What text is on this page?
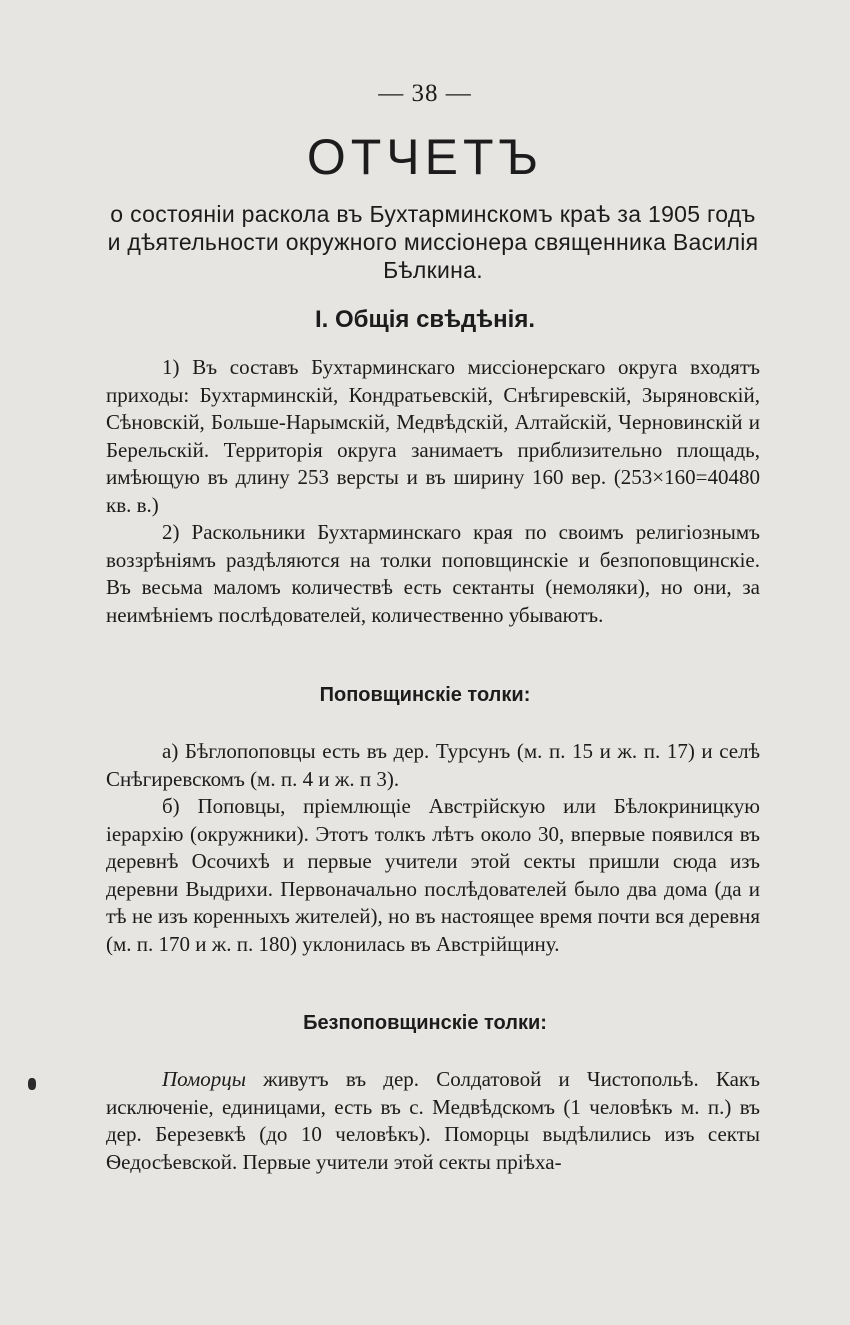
— 38 —
ОТЧЕТЪ
о состоянiи раскола въ Бухтарминскомъ краѣ за 1905 годъ и дѣятельности окружного миссiонера священника Василiя Бѣлкина.
I. Общiя свѣдѣнiя.

1) Въ составъ Бухтарминскаго миссiонерскаго округа входятъ приходы: Бухтарминскiй, Кондратьевскiй, Снѣгиревскiй, Зыряновскiй, Сѣновскiй, Больше-Нарымскiй, Медвѣдскiй, Алтайскiй, Черновинскiй и Берельскiй. Территорiя округа занимаетъ приблизительно площадь, имѣющую въ длину 253 версты и въ ширину 160 вер. (253×160=40480 кв. в.)

2) Раскольники Бухтарминскаго края по своимъ религiознымъ воззрѣнiямъ раздѣляются на толки поповщинскiе и безпоповщинскiе. Въ весьма маломъ количествѣ есть сектанты (немоляки), но они, за неимѣнiемъ послѣдователей, количественно убываютъ.

Поповщинскiе толки:

а) Бѣглопоповцы есть въ дер. Турсунъ (м. п. 15 и ж. п. 17) и селѣ Снѣгиревскомъ (м. п. 4 и ж. п 3).

б) Поповцы, прiемлющiе Австрiйскую или Бѣлокриницкую iерархiю (окружники). Этотъ толкъ лѣтъ около 30, впервые появился въ деревнѣ Осочихѣ и первые учители этой секты пришли сюда изъ деревни Выдрихи. Первоначально послѣдователей было два дома (да и тѣ не изъ коренныхъ жителей), но въ настоящее время почти вся деревня (м. п. 170 и ж. п. 180) уклонилась въ Австрiйщину.

Безпоповщинскiе толки:

Поморцы живутъ въ дер. Солдатовой и Чистопольѣ. Какъ исключенiе, единицами, есть въ с. Медвѣдскомъ (1 человѣкъ м. п.) въ дер. Березевкѣ (до 10 человѣкъ). Поморцы выдѣлились изъ секты Ѳедосѣевской. Первые учители этой секты прiѣха-
